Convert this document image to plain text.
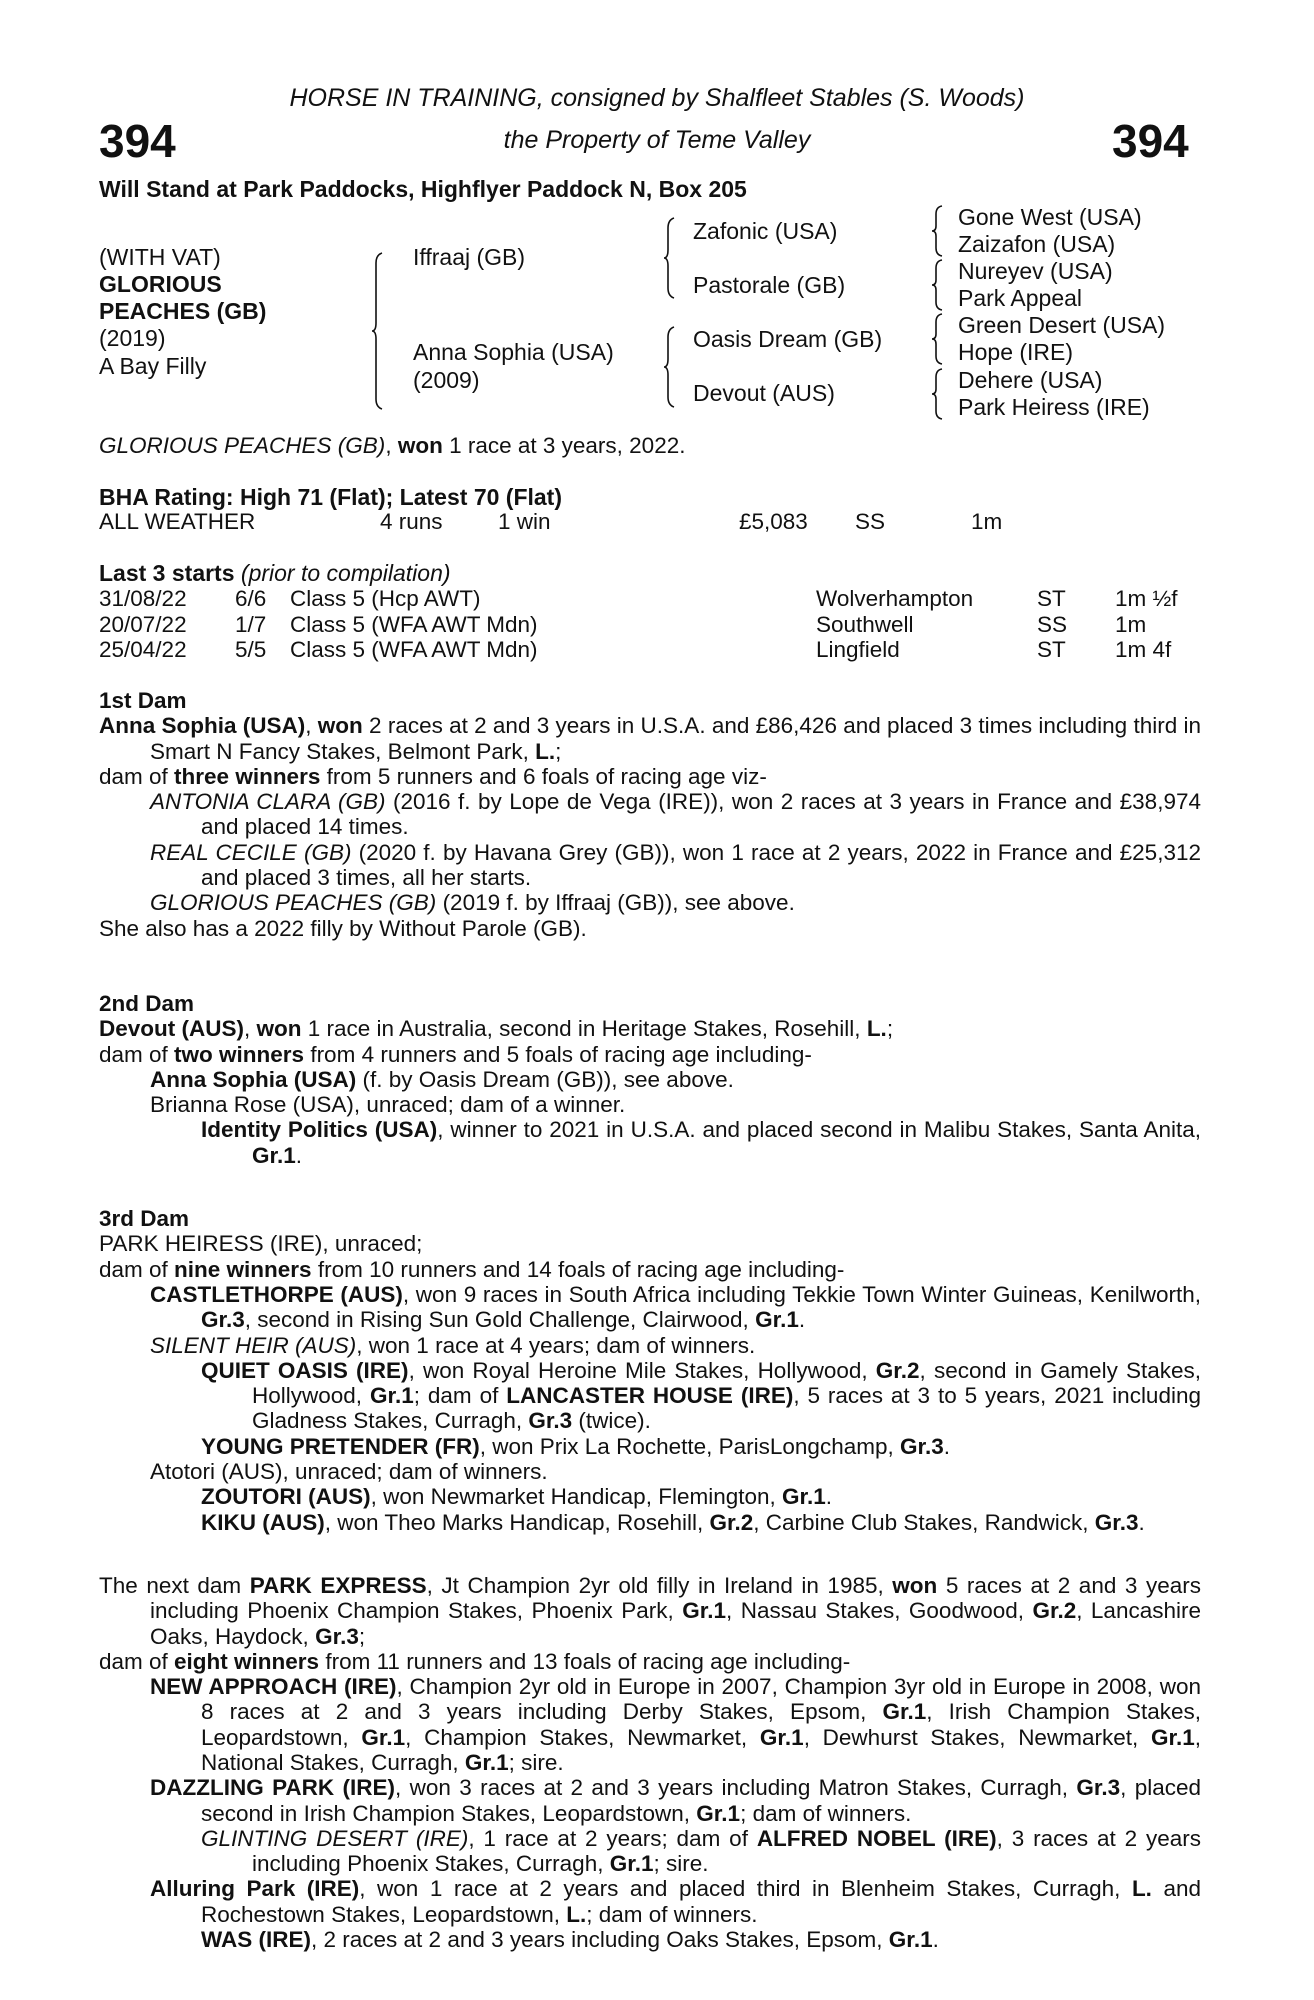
HORSE IN TRAINING, consigned by Shalfleet Stables (S. Woods)
the Property of Teme Valley
394	394
Will Stand at Park Paddocks, Highflyer Paddock N, Box 205
(WITH VAT)
GLORIOUS
PEACHES (GB)
(2019)
A Bay Filly
Iffraaj (GB)
Anna Sophia (USA)
(2009)
Zafonic (USA)
Pastorale (GB)
Oasis Dream (GB)
Devout (AUS)
Gone West (USA)
Zaizafon (USA)
Nureyev (USA)
Park Appeal
Green Desert (USA)
Hope (IRE)
Dehere (USA)
Park Heiress (IRE)
GLORIOUS PEACHES (GB), won 1 race at 3 years, 2022.
BHA Rating: High 71 (Flat); Latest 70 (Flat)
ALL WEATHER	4 runs 1 win	£5,083 SS	1m
Last 3 starts (prior to compilation)
31/08/22 6/6 Class 5 (Hcp AWT)	Wolverhampton	ST 1m ½f
20/07/22 1/7 Class 5 (WFA AWT Mdn)	Southwell	SS 1m
25/04/22 5/5 Class 5 (WFA AWT Mdn)	Lingfield	ST 1m 4f
1st Dam

Anna Sophia (USA), won 2 races at 2 and 3 years in U.S.A. and £86,426 and placed 3 times including third in Smart N Fancy Stakes, Belmont Park, L.;

dam of three winners from 5 runners and 6 foals of racing age viz-

ANTONIA CLARA (GB) (2016 f. by Lope de Vega (IRE)), won 2 races at 3 years in France and £38,974 and placed 14 times.

REAL CECILE (GB) (2020 f. by Havana Grey (GB)), won 1 race at 2 years, 2022 in France and £25,312 and placed 3 times, all her starts.

GLORIOUS PEACHES (GB) (2019 f. by Iffraaj (GB)), see above.

She also has a 2022 filly by Without Parole (GB).

2nd Dam

Devout (AUS), won 1 race in Australia, second in Heritage Stakes, Rosehill, L.;

dam of two winners from 4 runners and 5 foals of racing age including-

Anna Sophia (USA) (f. by Oasis Dream (GB)), see above.

Brianna Rose (USA), unraced; dam of a winner.

Identity Politics (USA), winner to 2021 in U.S.A. and placed second in Malibu Stakes, Santa Anita, Gr.1.

3rd Dam

PARK HEIRESS (IRE), unraced;

dam of nine winners from 10 runners and 14 foals of racing age including-

CASTLETHORPE (AUS), won 9 races in South Africa including Tekkie Town Winter Guineas, Kenilworth, Gr.3, second in Rising Sun Gold Challenge, Clairwood, Gr.1.

SILENT HEIR (AUS), won 1 race at 4 years; dam of winners.

QUIET OASIS (IRE), won Royal Heroine Mile Stakes, Hollywood, Gr.2, second in Gamely Stakes, Hollywood, Gr.1; dam of LANCASTER HOUSE (IRE), 5 races at 3 to 5 years, 2021 including Gladness Stakes, Curragh, Gr.3 (twice).

YOUNG PRETENDER (FR), won Prix La Rochette, ParisLongchamp, Gr.3.

Atotori (AUS), unraced; dam of winners.

ZOUTORI (AUS), won Newmarket Handicap, Flemington, Gr.1.

KIKU (AUS), won Theo Marks Handicap, Rosehill, Gr.2, Carbine Club Stakes, Randwick, Gr.3.

The next dam PARK EXPRESS, Jt Champion 2yr old filly in Ireland in 1985, won 5 races at 2 and 3 years including Phoenix Champion Stakes, Phoenix Park, Gr.1, Nassau Stakes, Goodwood, Gr.2, Lancashire Oaks, Haydock, Gr.3;

dam of eight winners from 11 runners and 13 foals of racing age including-

NEW APPROACH (IRE), Champion 2yr old in Europe in 2007, Champion 3yr old in Europe in 2008, won 8 races at 2 and 3 years including Derby Stakes, Epsom, Gr.1, Irish Champion Stakes, Leopardstown, Gr.1, Champion Stakes, Newmarket, Gr.1, Dewhurst Stakes, Newmarket, Gr.1, National Stakes, Curragh, Gr.1; sire.

DAZZLING PARK (IRE), won 3 races at 2 and 3 years including Matron Stakes, Curragh, Gr.3, placed second in Irish Champion Stakes, Leopardstown, Gr.1; dam of winners.

GLINTING DESERT (IRE), 1 race at 2 years; dam of ALFRED NOBEL (IRE), 3 races at 2 years including Phoenix Stakes, Curragh, Gr.1; sire.

Alluring Park (IRE), won 1 race at 2 years and placed third in Blenheim Stakes, Curragh, L. and Rochestown Stakes, Leopardstown, L.; dam of winners.

WAS (IRE), 2 races at 2 and 3 years including Oaks Stakes, Epsom, Gr.1.
